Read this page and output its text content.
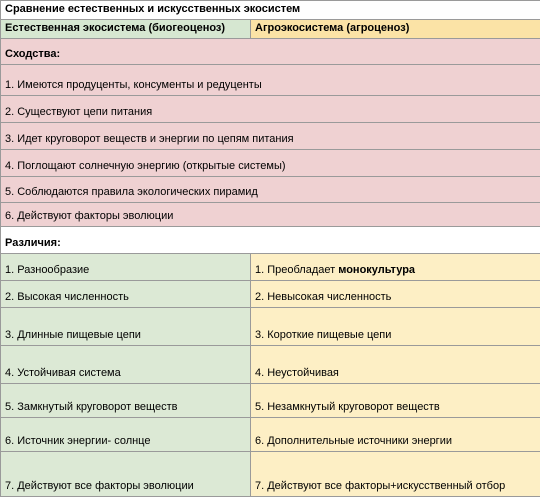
Сравнение естественных и искусственных экосистем	
Естественная экосистема (биогеоценоз)	Агроэкосистема (агроценоз)
Сходства:	
1. Имеются продуценты, консументы и редуценты	
2. Существуют цепи питания	
3. Идет круговорот веществ и энергии по цепям питания	
4. Поглощают солнечную энергию (открытые системы)	
5. Соблюдаются правила экологических пирамид	
6. Действуют факторы эволюции	
Различия:	
1. Разнообразие	1. Преобладает монокультура
2. Высокая численность	2. Невысокая численность
3. Длинные пищевые цепи	3. Короткие пищевые цепи
4. Устойчивая система	4. Неустойчивая
5. Замкнутый круговорот веществ	5. Незамкнутый круговорот веществ
6. Источник энергии- солнце	6. Дополнительные источники энергии
7. Действуют все факторы эволюции	7. Действуют все факторы+искусственный отбор
